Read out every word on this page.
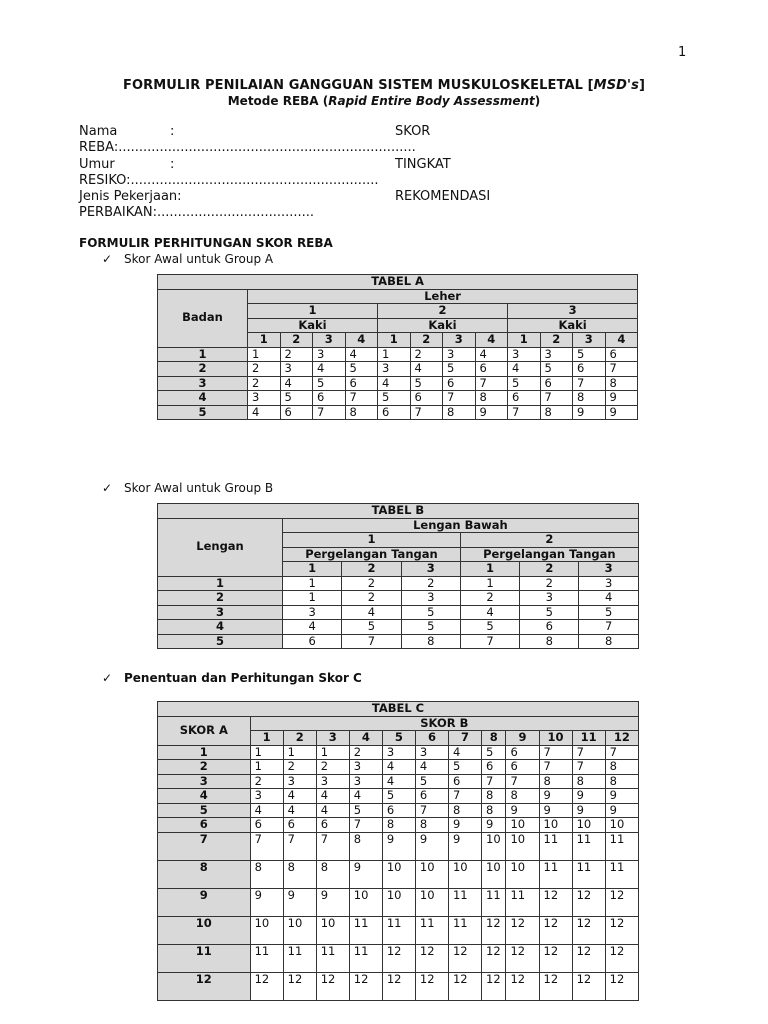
1
FORMULIR PENILAIAN GANGGUAN SISTEM MUSKULOSKELETAL [MSD's]
Metode REBA (Rapid Entire Body Assessment)
Nama	:	SKOR
REBA:........................................................................
Umur	:	TINGKAT
RESIKO:............................................................
Jenis Pekerjaan:	REKOMENDASI
PERBAIKAN:......................................
FORMULIR PERHITUNGAN SKOR REBA
✓ Skor Awal untuk Group A
TABEL A												
Badan	Leher											
	1				2				3			
	Kaki				Kaki				Kaki			
	1	2	3	4	1	2	3	4	1	2	3	4
1	1	2	3	4	1	2	3	4	3	3	5	6
2	2	3	4	5	3	4	5	6	4	5	6	7
3	2	4	5	6	4	5	6	7	5	6	7	8
4	3	5	6	7	5	6	7	8	6	7	8	9
5	4	6	7	8	6	7	8	9	7	8	9	9
✓ Skor Awal untuk Group B
TABEL B						
Lengan	Lengan Bawah					
	1			2		
	Pergelangan Tangan			Pergelangan Tangan		
	1	2	3	1	2	3
1	1	2	2	1	2	3
2	1	2	3	2	3	4
3	3	4	5	4	5	5
4	4	5	5	5	6	7
5	6	7	8	7	8	8
✓ Penentuan dan Perhitungan Skor C
TABEL C												
SKOR A	SKOR B											
	1	2	3	4	5	6	7	8	9	10	11	12
1	1	1	1	2	3	3	4	5	6	7	7	7
2	1	2	2	3	4	4	5	6	6	7	7	8
3	2	3	3	3	4	5	6	7	7	8	8	8
4	3	4	4	4	5	6	7	8	8	9	9	9
5	4	4	4	5	6	7	8	8	9	9	9	9
6	6	6	6	7	8	8	9	9	10	10	10	10
7	7	7	7	8	9	9	9	10	10	11	11	11
8	8	8	8	9	10	10	10	10	10	11	11	11
9	9	9	9	10	10	10	11	11	11	12	12	12
10	10	10	10	11	11	11	11	12	12	12	12	12
11	11	11	11	11	12	12	12	12	12	12	12	12
12	12	12	12	12	12	12	12	12	12	12	12	12
